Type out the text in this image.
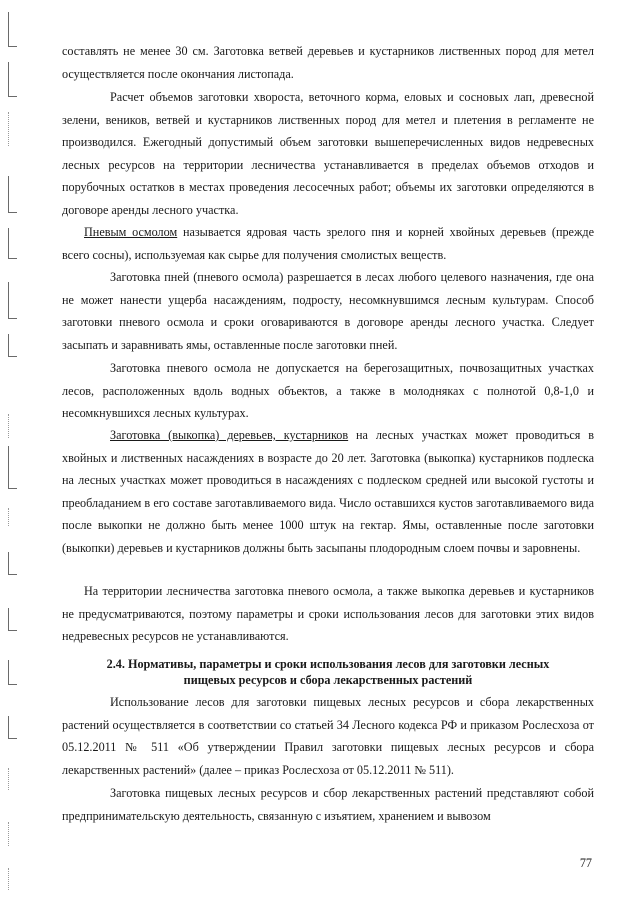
составлять не менее 30 см. Заготовка ветвей деревьев и кустарников лиственных пород для метел осуществляется после окончания листопада.

Расчет объемов заготовки хвороста, веточного корма, еловых и сосновых лап, древесной зелени, веников, ветвей и кустарников лиственных пород для метел и плетения в регламенте не производился. Ежегодный допустимый объем заготовки вышеперечисленных видов недревесных лесных ресурсов на территории лесничества устанавливается в пределах объемов отходов и порубочных остатков в местах проведения лесосечных работ; объемы их заготовки определяются в договоре аренды лесного участка.

Пневым осмолом называется ядровая часть зрелого пня и корней хвойных деревьев (прежде всего сосны), используемая как сырье для получения смолистых веществ.

Заготовка пней (пневого осмола) разрешается в лесах любого целевого назначения, где она не может нанести ущерба насаждениям, подросту, несомкнувшимся лесным культурам. Способ заготовки пневого осмола и сроки оговариваются в договоре аренды лесного участка. Следует засыпать и заравнивать ямы, оставленные после заготовки пней.

Заготовка пневого осмола не допускается на берегозащитных, почвозащитных участках лесов, расположенных вдоль водных объектов, а также в молодняках с полнотой 0,8-1,0 и несомкнувшихся лесных культурах.

Заготовка (выкопка) деревьев, кустарников на лесных участках может проводиться в хвойных и лиственных насаждениях в возрасте до 20 лет. Заготовка (выкопка) кустарников подлеска на лесных участках может проводиться в насаждениях с подлеском средней или высокой густоты и преобладанием в его составе заготавливаемого вида. Число оставшихся кустов заготавливаемого вида после выкопки не должно быть менее 1000 штук на гектар. Ямы, оставленные после заготовки (выкопки) деревьев и кустарников должны быть засыпаны плодородным слоем почвы и заровнены.

На территории лесничества заготовка пневого осмола, а также выкопка деревьев и кустарников не предусматриваются, поэтому параметры и сроки использования лесов для заготовки этих видов недревесных ресурсов не устанавливаются.

2.4. Нормативы, параметры и сроки использования лесов для заготовки лесных
пищевых ресурсов и сбора лекарственных растений

Использование лесов для заготовки пищевых лесных ресурсов и сбора лекарственных растений осуществляется в соответствии со статьей 34 Лесного кодекса РФ и приказом Рослесхоза от 05.12.2011 № 511 «Об утверждении Правил заготовки пищевых лесных ресурсов и сбора лекарственных растений» (далее – приказ Рослесхоза от 05.12.2011 № 511).

Заготовка пищевых лесных ресурсов и сбор лекарственных растений представляют собой предпринимательскую деятельность, связанную с изъятием, хранением и вывозом

77
